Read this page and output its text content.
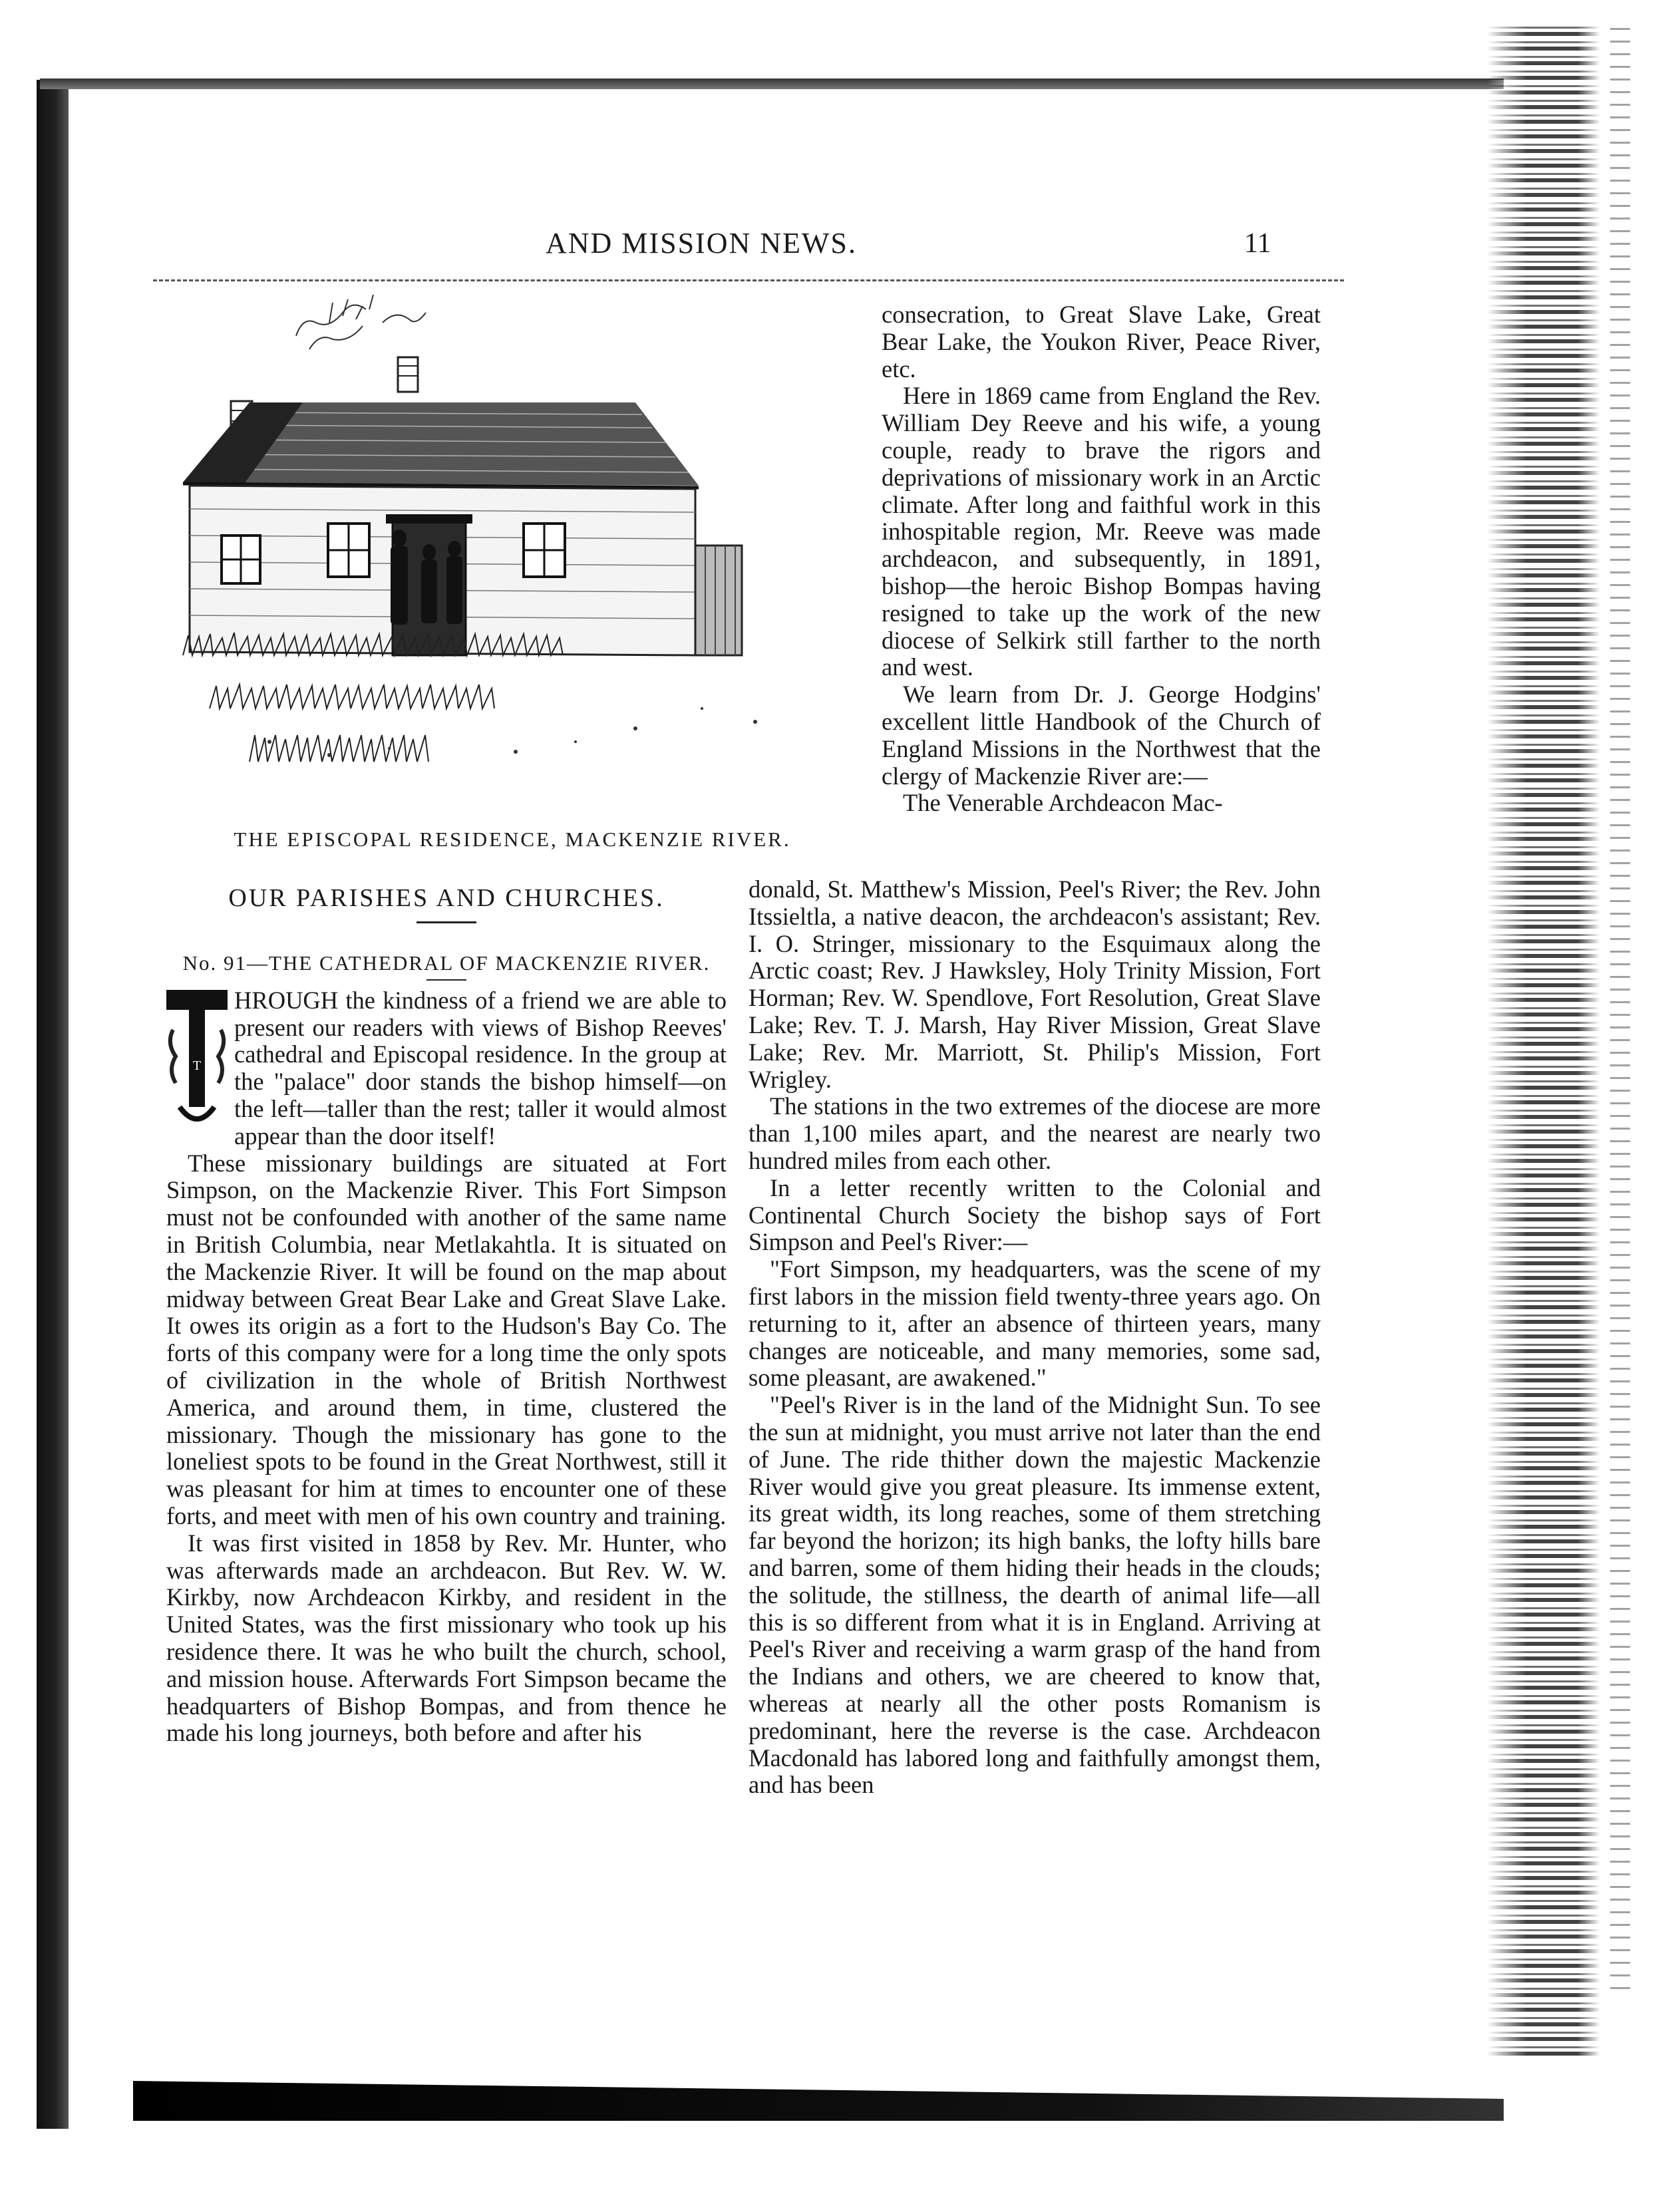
AND MISSION NEWS.	11
THE EPISCOPAL RESIDENCE, MACKENZIE RIVER.

OUR PARISHES AND CHURCHES.

No. 91—THE CATHEDRAL OF MACKENZIE RIVER.

T

HROUGH the kindness of a friend we are able to present our readers with views of Bishop Reeves' cathedral and Episcopal residence. In the group at the "palace" door stands the bishop himself—on the left—taller than the rest; taller it would almost appear than the door itself!

These missionary buildings are situated at Fort Simpson, on the Mackenzie River. This Fort Simpson must not be confounded with another of the same name in British Columbia, near Metlakahtla. It is situated on the Mackenzie River. It will be found on the map about midway between Great Bear Lake and Great Slave Lake. It owes its origin as a fort to the Hudson's Bay Co. The forts of this company were for a long time the only spots of civilization in the whole of British Northwest America, and around them, in time, clustered the missionary. Though the missionary has gone to the loneliest spots to be found in the Great Northwest, still it was pleasant for him at times to encounter one of these forts, and meet with men of his own country and training.

It was first visited in 1858 by Rev. Mr. Hunter, who was afterwards made an archdeacon. But Rev. W. W. Kirkby, now Archdeacon Kirkby, and resident in the United States, was the first missionary who took up his residence there. It was he who built the church, school, and mission house. Afterwards Fort Simpson became the headquarters of Bishop Bompas, and from thence he made his long journeys, both before and after his

consecration, to Great Slave Lake, Great Bear Lake, the Youkon River, Peace River, etc.

Here in 1869 came from England the Rev. William Dey Reeve and his wife, a young couple, ready to brave the rigors and deprivations of missionary work in an Arctic climate. After long and faithful work in this inhospitable region, Mr. Reeve was made archdeacon, and subsequently, in 1891, bishop—the heroic Bishop Bompas having resigned to take up the work of the new diocese of Selkirk still farther to the north and west.

We learn from Dr. J. George Hodgins' excellent little Handbook of the Church of England Missions in the Northwest that the clergy of Mackenzie River are:—

The Venerable Archdeacon Mac-

donald, St. Matthew's Mission, Peel's River; the Rev. John Itssieltla, a native deacon, the archdeacon's assistant; Rev. I. O. Stringer, missionary to the Esquimaux along the Arctic coast; Rev. J Hawksley, Holy Trinity Mission, Fort Horman; Rev. W. Spendlove, Fort Resolution, Great Slave Lake; Rev. T. J. Marsh, Hay River Mission, Great Slave Lake; Rev. Mr. Marriott, St. Philip's Mission, Fort Wrigley.

The stations in the two extremes of the diocese are more than 1,100 miles apart, and the nearest are nearly two hundred miles from each other.

In a letter recently written to the Colonial and Continental Church Society the bishop says of Fort Simpson and Peel's River:—

"Fort Simpson, my headquarters, was the scene of my first labors in the mission field twenty-three years ago. On returning to it, after an absence of thirteen years, many changes are noticeable, and many memories, some sad, some pleasant, are awakened."

"Peel's River is in the land of the Midnight Sun. To see the sun at midnight, you must arrive not later than the end of June. The ride thither down the majestic Mackenzie River would give you great pleasure. Its immense extent, its great width, its long reaches, some of them stretching far beyond the horizon; its high banks, the lofty hills bare and barren, some of them hiding their heads in the clouds; the solitude, the stillness, the dearth of animal life—all this is so different from what it is in England. Arriving at Peel's River and receiving a warm grasp of the hand from the Indians and others, we are cheered to know that, whereas at nearly all the other posts Romanism is predominant, here the reverse is the case. Archdeacon Macdonald has labored long and faithfully amongst them, and has been
